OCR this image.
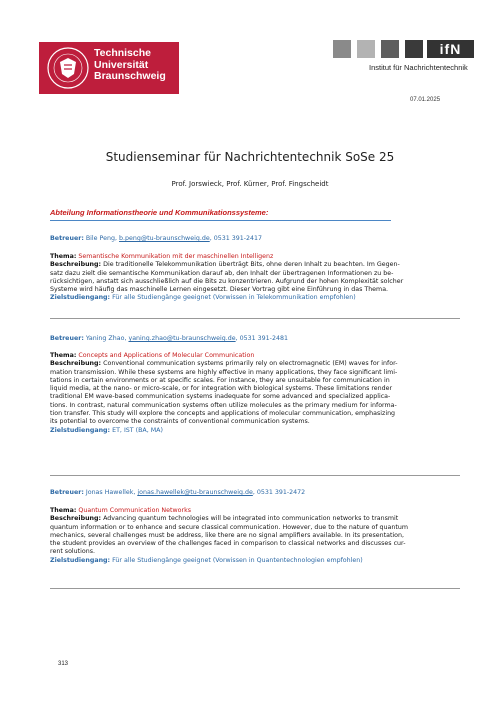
Technische
Universität
Braunschweig
ifN
Institut für Nachrichtentechnik
07.01.2025
Studienseminar für Nachrichtentechnik SoSe 25
Prof. Jorswieck, Prof. Kürner, Prof. Fingscheidt
Abteilung Informationstheorie und Kommunikationssysteme:
Betreuer: Bile Peng, b.peng@tu-braunschweig.de, 0531 391-2417
Thema: Semantische Kommunikation mit der maschinellen Intelligenz
Beschreibung: Die traditionelle Telekommunikation überträgt Bits, ohne deren Inhalt zu beachten. Im Gegen-
satz dazu zielt die semantische Kommunikation darauf ab, den Inhalt der übertragenen Informationen zu be-
rücksichtigen, anstatt sich ausschließlich auf die Bits zu konzentrieren. Aufgrund der hohen Komplexität solcher
Systeme wird häufig das maschinelle Lernen eingesetzt. Dieser Vortrag gibt eine Einführung in das Thema.
Zielstudiengang: Für alle Studiengänge geeignet (Vorwissen in Telekommunikation empfohlen)
Betreuer: Yaning Zhao, yaning.zhao@tu-braunschweig.de, 0531 391-2481
Thema: Concepts and Applications of Molecular Communication
Beschreibung: Conventional communication systems primarily rely on electromagnetic (EM) waves for infor-
mation transmission. While these systems are highly effective in many applications, they face significant limi-
tations in certain environments or at specific scales. For instance, they are unsuitable for communication in
liquid media, at the nano- or micro-scale, or for integration with biological systems. These limitations render
traditional EM wave-based communication systems inadequate for some advanced and specialized applica-
tions. In contrast, natural communication systems often utilize molecules as the primary medium for informa-
tion transfer. This study will explore the concepts and applications of molecular communication, emphasizing
its potential to overcome the constraints of conventional communication systems.
Zielstudiengang: ET, IST (BA, MA)
Betreuer: Jonas Hawellek, jonas.hawellek@tu-braunschweig.de, 0531 391-2472
Thema: Quantum Communication Networks
Beschreibung: Advancing quantum technologies will be integrated into communication networks to transmit
quantum information or to enhance and secure classical communication. However, due to the nature of quantum
mechanics, several challenges must be address, like there are no signal amplifiers available. In its presentation,
the student provides an overview of the challenges faced in comparison to classical networks and discusses cur-
rent solutions.
Zielstudiengang: Für alle Studiengänge geeignet (Vorwissen in Quantentechnologien empfohlen)
313
